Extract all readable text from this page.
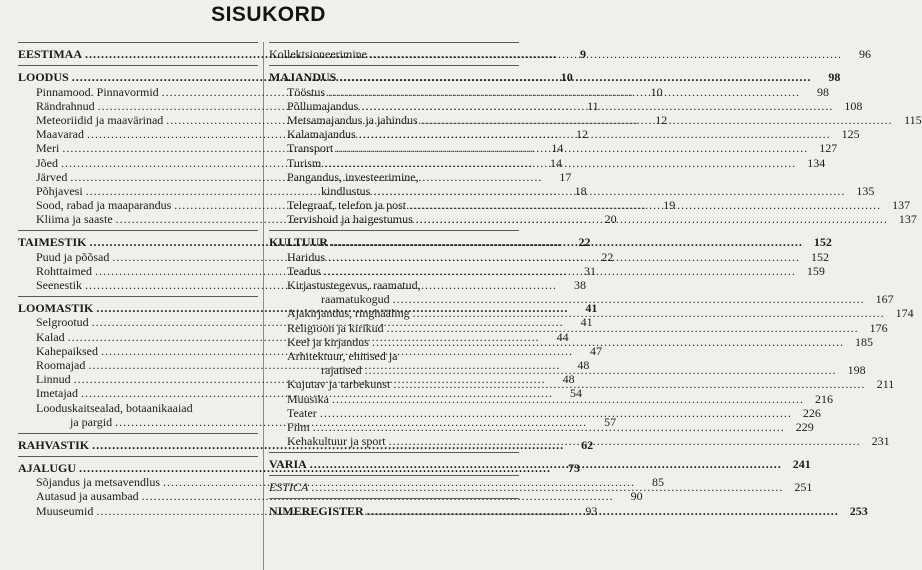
SISUKORD
EESTIMAA .....	9
LOODUS .....	10
Pinnamood. Pinnavormid .....	10
Rändrahnud .....	11
Meteoriidid ja maavärinad .....	12
Maavarad .....	12
Meri .....	14
Jõed .....	14
Järved .....	17
Põhjavesi .....	18
Sood, rabad ja maaparandus .....	19
Kliima ja saaste .....	20
TAIMESTIK .....	22
Puud ja põõsad .....	22
Rohttaimed .....	31
Seenestik .....	38
LOOMASTIK .....	41
Selgrootud .....	41
Kalad .....	44
Kahepaiksed .....	47
Roomajad .....	48
Linnud .....	48
Imetajad .....	54
Looduskaitsealad, botaanikaaiad
ja pargid .....	57
RAHVASTIK .....	62
AJALUGU .....	73
Sõjandus ja metsavendlus .....	85
Autasud ja ausambad .....	90
Muuseumid .....	93
Kollektsioneerimine .....	96
MAJANDUS .....	98
Tööstus .....	98
Põllumajandus .....	108
Metsamajandus ja jahindus .....	115
Kalamajandus .....	125
Transport .....	127
Turism .....	134
Pangandus, investeerimine,
kindlustus .....	135
Telegraaf, telefon ja post .....	137
Tervishoid ja haigestumus .....	137
KULTUUR .....	152
Haridus .....	152
Teadus .....	159
Kirjastustegevus, raamatud,
raamatukogud .....	167
Ajakirjandus, ringhääling .....	174
Religioon ja kirikud .....	176
Keel ja kirjandus .....	185
Arhitektuur, ehitised ja
rajatised .....	198
Kujutav ja tarbekunst .....	211
Muusika .....	216
Teater .....	226
Film .....	229
Kehakultuur ja sport .....	231
VARIA .....	241
ESTICA .....	251
NIMEREGISTER .....	253
